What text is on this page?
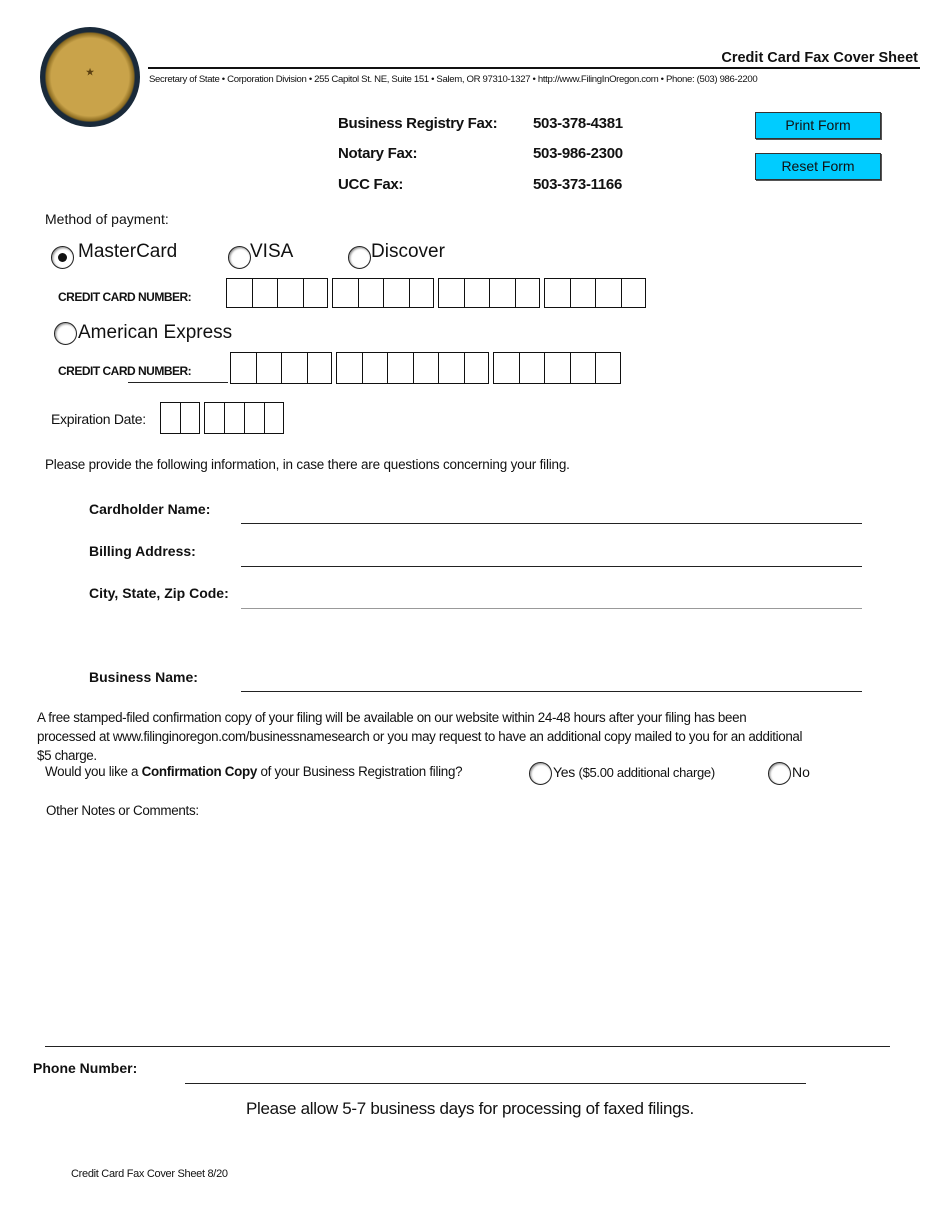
★
Credit Card Fax Cover Sheet
Secretary of State • Corporation Division • 255 Capitol St. NE, Suite 151 • Salem, OR 97310-1327 • http://www.FilingInOregon.com • Phone: (503) 986-2200
Business Registry Fax: 503-378-4381
Notary Fax:	503-986-2300
UCC Fax:	503-373-1166
Print Form
Reset Form
Method of payment:
MasterCard	VISA	Discover
CREDIT CARD NUMBER:
American Express
CREDIT CARD NUMBER:
Expiration Date:
Please provide the following information, in case there are questions concerning your filing.
Cardholder Name:
Billing Address:
City, State, Zip Code:
Business Name:
A free stamped-filed confirmation copy of your filing will be available on our website within 24-48 hours after your filing has been
processed at www.filinginoregon.com/businessnamesearch or you may request to have an additional copy mailed to you for an additional
$5 charge.
Would you like a Confirmation Copy of your Business Registration filing?	Yes ($5.00 additional charge)	No
Other Notes or Comments:
Phone Number:
Please allow 5-7 business days for processing of faxed filings.
Credit Card Fax Cover Sheet 8/20
